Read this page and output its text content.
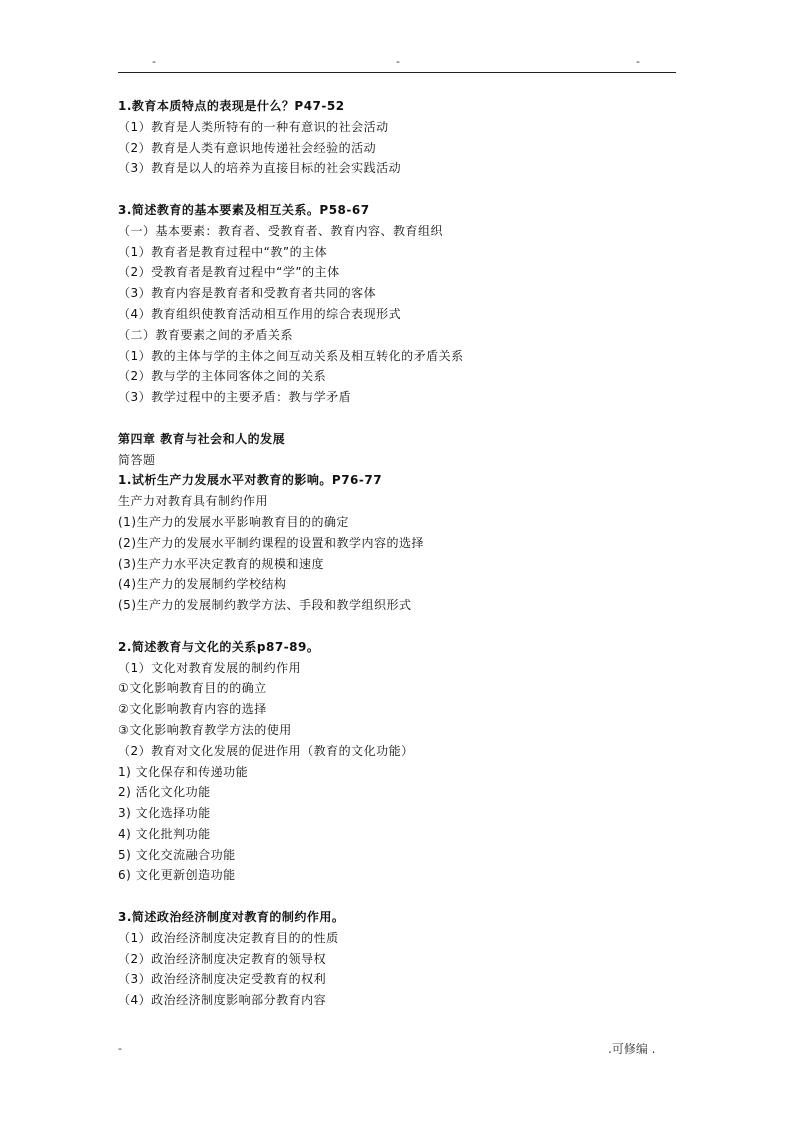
-	-	-
1.教育本质特点的表现是什么？P47-52
（1）教育是人类所特有的一种有意识的社会活动
（2）教育是人类有意识地传递社会经验的活动
（3）教育是以人的培养为直接目标的社会实践活动
3.简述教育的基本要素及相互关系。P58-67
（一）基本要素：教育者、受教育者、教育内容、教育组织
（1）教育者是教育过程中“教”的主体
（2）受教育者是教育过程中“学”的主体
（3）教育内容是教育者和受教育者共同的客体
（4）教育组织使教育活动相互作用的综合表现形式
（二）教育要素之间的矛盾关系
（1）教的主体与学的主体之间互动关系及相互转化的矛盾关系
（2）教与学的主体同客体之间的关系
（3）教学过程中的主要矛盾：教与学矛盾
第四章 教育与社会和人的发展
简答题
1.试析生产力发展水平对教育的影响。P76-77
生产力对教育具有制约作用
(1)生产力的发展水平影响教育目的的确定
(2)生产力的发展水平制约课程的设置和教学内容的选择
(3)生产力水平决定教育的规模和速度
(4)生产力的发展制约学校结构
(5)生产力的发展制约教学方法、手段和教学组织形式
2.简述教育与文化的关系p87-89。
（1）文化对教育发展的制约作用
①文化影响教育目的的确立
②文化影响教育内容的选择
③文化影响教育教学方法的使用
（2）教育对文化发展的促进作用（教育的文化功能）
1) 文化保存和传递功能
2) 活化文化功能
3) 文化选择功能
4) 文化批判功能
5) 文化交流融合功能
6) 文化更新创造功能
3.简述政治经济制度对教育的制约作用。
（1）政治经济制度决定教育目的的性质
（2）政治经济制度决定教育的领导权
（3）政治经济制度决定受教育的权利
（4）政治经济制度影响部分教育内容
-	.可修编 .
